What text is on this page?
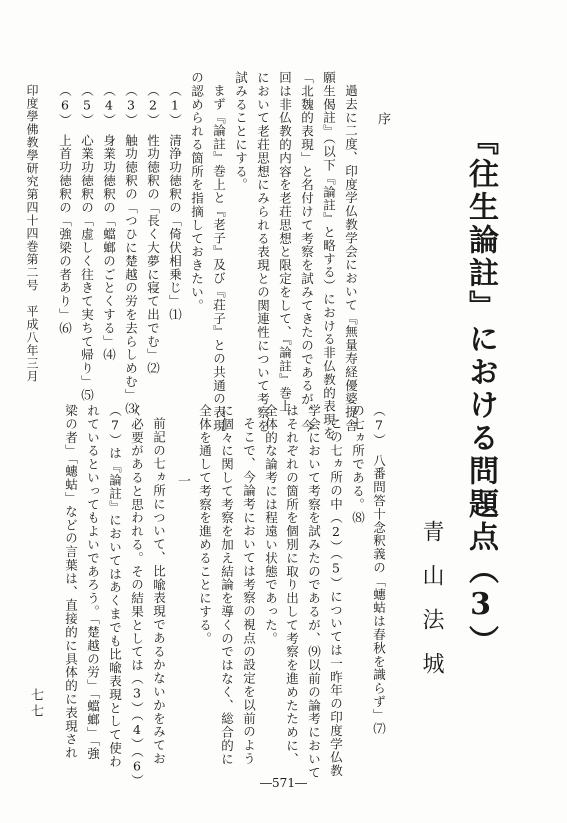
『往生論註』における問題点（3）
青山法城
（7）　八番問答十念釈義の「蟪蛄は春秋を識らず」⑺
の七ヵ所である。⑻
この七ヵ所の中（2）（5）については一昨年の印度学仏教
学会において考察を試みたのであるが、⑼以前の論考において
はそれぞれの箇所を個別に取り出して考察を進めたために、
全体的な論考には程遠い状態であった。
そこで、今論考においては考察の視点の設定を以前のよう
に個々に関して考察を加え結論を導くのではなく、総合的に
全体を通して考察を進めることにする。
一
前記の七ヵ所について、比喩表現であるかないかをみてお
く必要があると思われる。その結果としては（3）（4）（6）
（7）は『論註』においてはあくまでも比喩表現として使わ
れているといってもよいであろう。「楚越の労」「蟷螂」「強
梁の者」「蟪蛄」などの言葉は、直接的に具体的に表現され
序
過去に二度、印度学仏教学会において『無量寿経優婆提舎
願生偈註』（以下『論註』と略する）における非仏教的表現を
「北魏的表現」と名付けて考察を試みてきたのであるが、今
回は非仏教的内容を老荘思想と限定をして、『論註』巻上
において老荘思想にみられる表現との関連性について考察を
試みることにする。
まず『論註』巻上と『老子』及び『荘子』との共通の表現
の認められる箇所を指摘しておきたい。
（1）　清浄功徳釈の「倚伏相乗じ」⑴
（2）　性功徳釈の「長く大夢に寝て出でむ」⑵
（3）　触功徳釈の「つひに楚越の労を去らしめむ」⑶
（4）　身業功徳釈の「蟷螂のごとくする」⑷
（5）　心業功徳釈の「虚しく往きて実ちて帰り」⑸
（6）　上首功徳釈の「強梁の者あり」⑹
印度學佛教學研究第四十四巻第二号　平成八年三月
七七
―571―
